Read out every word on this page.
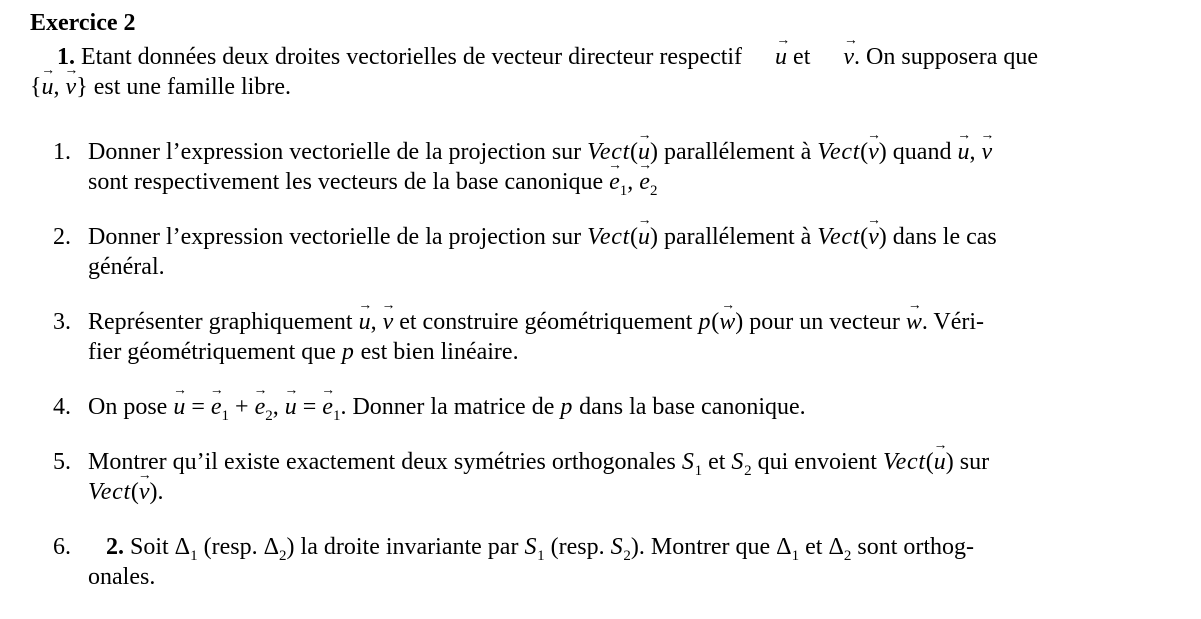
Exercice 2
1. Etant données deux droites vectorielles de vecteur directeur respectif u → et v →. On supposera que
{u →, v →} est une famille libre.
1. Donner l’expression vectorielle de la projection sur Vect(u →) parallélement à Vect(v →) quand u →, v →
sont respectivement les vecteurs de la base canonique $e \to_1$, $e \to_2$
2. Donner l’expression vectorielle de la projection sur Vect(u →) parallélement à Vect(v →) dans le cas
général.
3. Représenter graphiquement u →, v → et construire géométriquement p(w →) pour un vecteur w →. Véri-
fier géométriquement que p est bien linéaire.
4. On pose u → = $e \to_1 + e \to_2$, u → = $e \to_1$. Donner la matrice de p dans la base canonique.
5. Montrer qu’il existe exactement deux symétries orthogonales $S_1$ et $S_2$ qui envoient Vect(u →) sur
Vect(v →).
6.	2. Soit $\Delta_1$ (resp. $\Delta_2$) la droite invariante par $S_1$ (resp. $S_2$). Montrer que $\Delta_1$ et $\Delta_2$ sont orthog-
onales.
